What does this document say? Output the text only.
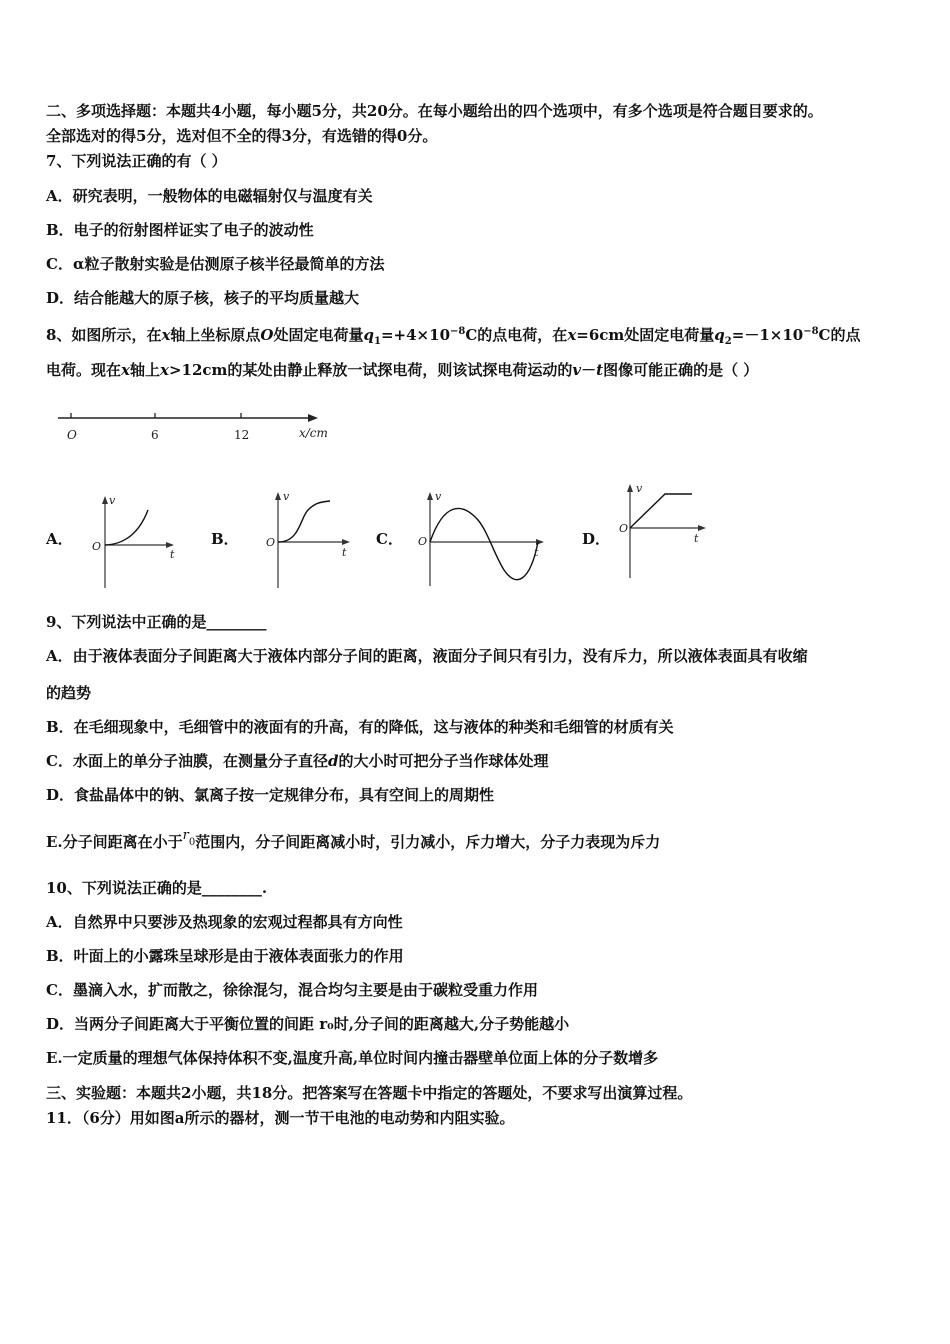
二、多项选择题：本题共4小题，每小题5分，共20分。在每小题给出的四个选项中，有多个选项是符合题目要求的。
全部选对的得5分，选对但不全的得3分，有选错的得0分。
7、下列说法正确的有（ ）
A．研究表明，一般物体的电磁辐射仅与温度有关
B．电子的衍射图样证实了电子的波动性
C．α粒子散射实验是估测原子核半径最简单的方法
D．结合能越大的原子核，核子的平均质量越大
8、如图所示，在x轴上坐标原点O处固定电荷量$q_1=+4\times 10^{-8}C$的点电荷，在x=6cm处固定电荷量$q_2=-1\times 10^{-8}C$的点
电荷。现在x轴上x>12cm的某处由静止释放一试探电荷，则该试探电荷运动的v－t图像可能正确的是（ ）
O	6	12	x/cm
A．
v
O
t
B．
v
O
t
C．
v
O
t
D．
v
O
t
9、下列说法中正确的是________
A．由于液体表面分子间距离大于液体内部分子间的距离，液面分子间只有引力，没有斥力，所以液体表面具有收缩
的趋势
B．在毛细现象中，毛细管中的液面有的升高，有的降低，这与液体的种类和毛细管的材质有关
C．水面上的单分子油膜，在测量分子直径d的大小时可把分子当作球体处理
D．食盐晶体中的钠、氯离子按一定规律分布，具有空间上的周期性
E.分子间距离在小于$r_0$范围内，分子间距离减小时，引力减小，斥力增大，分子力表现为斥力
10、下列说法正确的是________.
A．自然界中只要涉及热现象的宏观过程都具有方向性
B．叶面上的小露珠呈球形是由于液体表面张力的作用
C．墨滴入水，扩而散之，徐徐混匀，混合均匀主要是由于碳粒受重力作用
D．当两分子间距离大于平衡位置的间距 r₀时,分子间的距离越大,分子势能越小
E.一定质量的理想气体保持体积不变,温度升高,单位时间内撞击器壁单位面上体的分子数增多
三、实验题：本题共2小题，共18分。把答案写在答题卡中指定的答题处，不要求写出演算过程。
11．（6分）用如图a所示的器材，测一节干电池的电动势和内阻实验。
